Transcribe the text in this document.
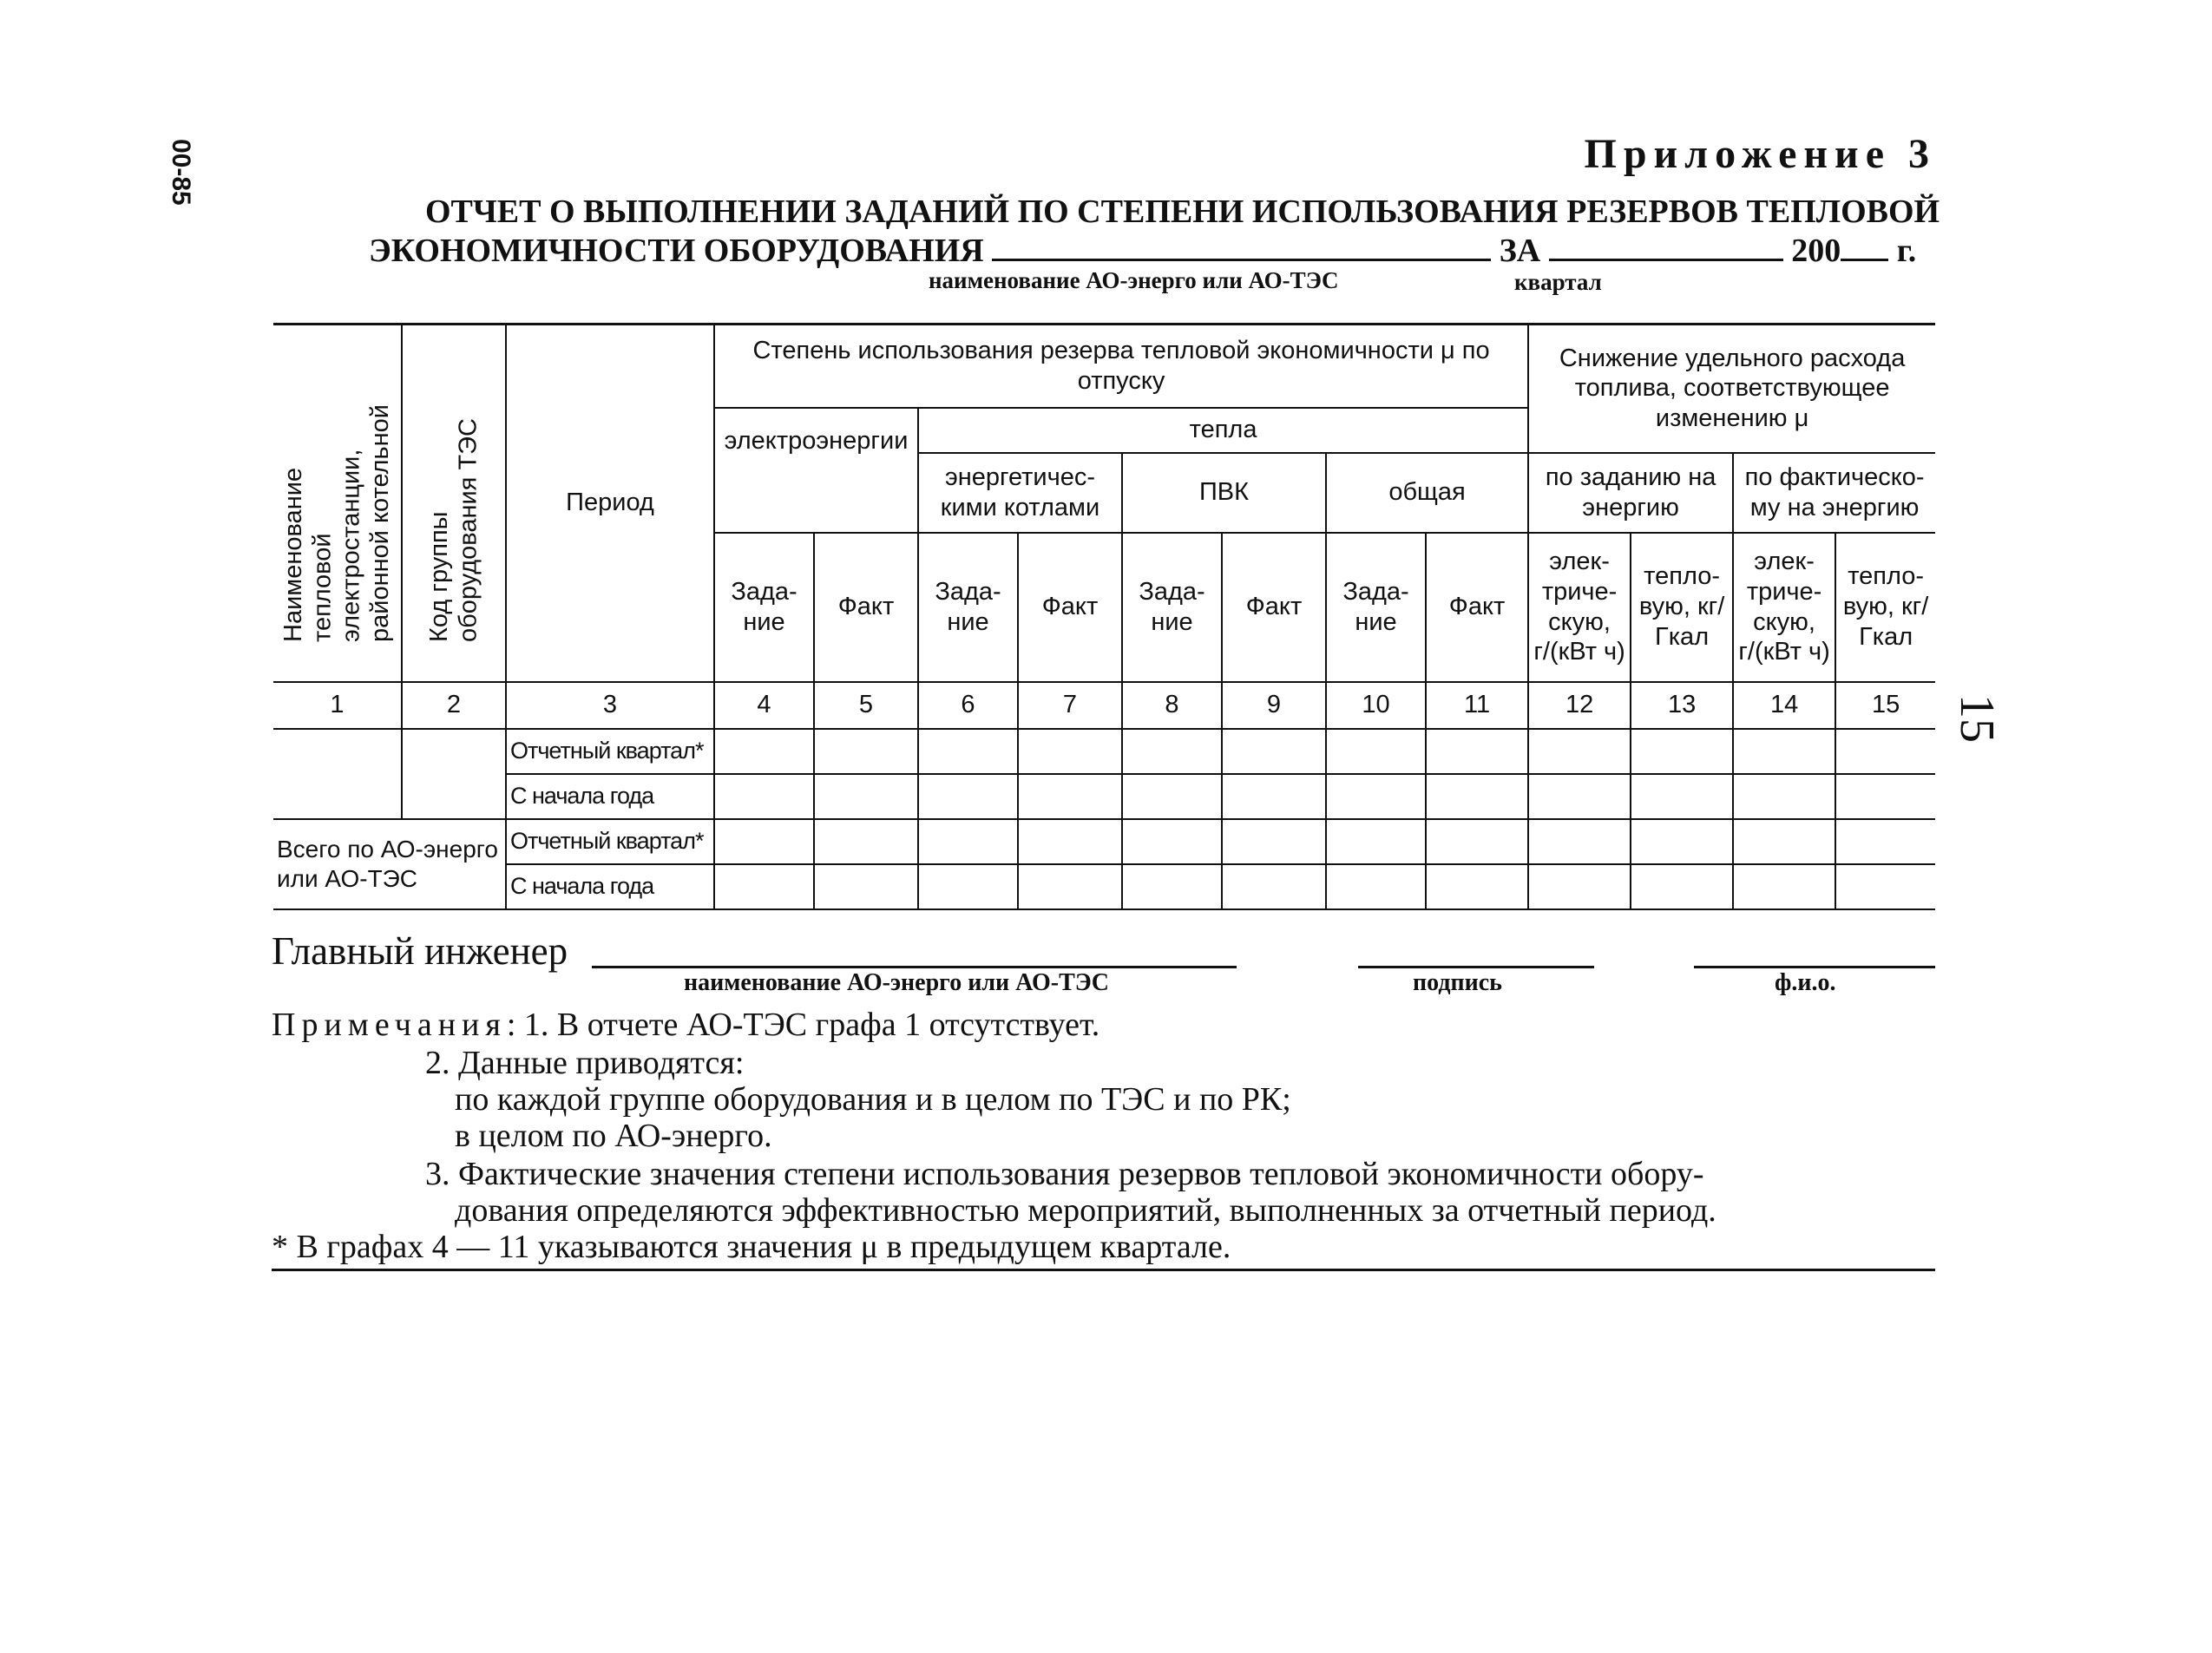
00-85
15
Приложение 3
ОТЧЕТ О ВЫПОЛНЕНИИ ЗАДАНИЙ ПО СТЕПЕНИ ИСПОЛЬЗОВАНИЯ РЕЗЕРВОВ ТЕПЛОВОЙ
ЭКОНОМИЧНОСТИ ОБОРУДОВАНИЯ	ЗА	200 г.
наименование АО-энерго или АО-ТЭС	квартал
Наименование тепловой электростанции, районной котельной	Код группы оборудования ТЭС	Период	Степень использования резерва тепловой экономичности μ по отпуску								Снижение удельного расхода топлива, соответствующее изменению μ			
			электроэнергии		тепла									
					энергетичес-кими котлами		ПВК		общая		по заданию на энергию		по фактическо-му на энергию	
			Зада-ние	Факт	Зада-ние	Факт	Зада-ние	Факт	Зада-ние	Факт	элек-триче-скую, г/(кВт ч)	тепло-вую, кг/Гкал	элек-триче-скую, г/(кВт ч)	тепло-вую, кг/Гкал
1	2	3	4	5	6	7	8	9	10	11	12	13	14	15
		Отчетный квартал*												
		С начала года												
Всего по АО-энерго или АО-ТЭС		Отчетный квартал*												
		С начала года												
Главный инженер
наименование АО-энерго или АО-ТЭС	подпись	ф.и.о.
Примечания: 1. В отчете АО-ТЭС графа 1 отсутствует.
2. Данные приводятся:
по каждой группе оборудования и в целом по ТЭС и по РК;
в целом по АО-энерго.
3. Фактические значения степени использования резервов тепловой экономичности обору-
дования определяются эффективностью мероприятий, выполненных за отчетный период.
* В графах 4 — 11 указываются значения μ в предыдущем квартале.
